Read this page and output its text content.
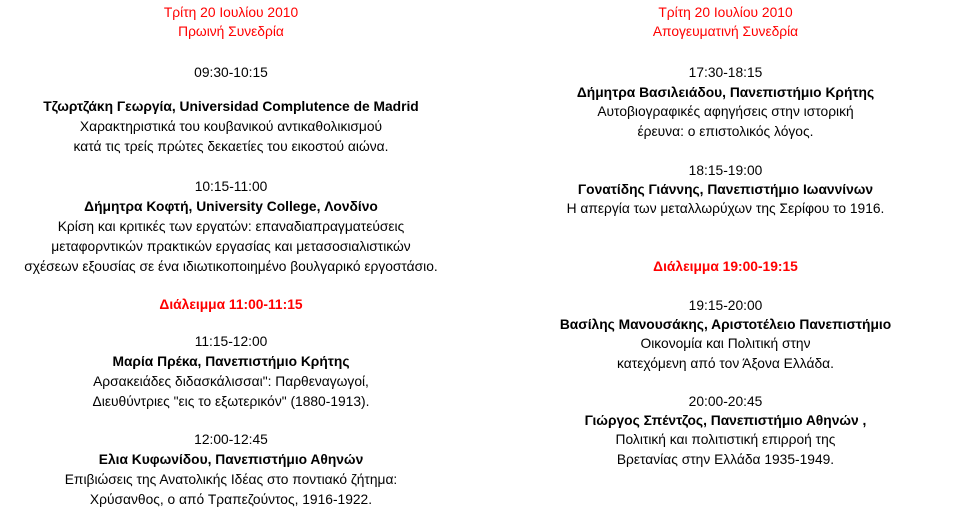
Τρίτη 20 Ιουλίου 2010
Πρωινή Συνεδρία
09:30-10:15
Τζωρτζάκη Γεωργία, Universidad Complutence de Madrid
Χαρακτηριστικά του κουβανικού αντικαθολικισμού
κατά τις τρείς πρώτες δεκαετίες του εικοστού αιώνα.
10:15-11:00
Δήμητρα Κοφτή, University College, Λονδίνο
Κρίση και κριτικές των εργατών: επαναδιαπραγματεύσεις
μεταφορντικών πρακτικών εργασίας και μετασοσιαλιστικών
σχέσεων εξουσίας σε ένα ιδιωτικοποιημένο βουλγαρικό εργοστάσιο.
Διάλειμμα 11:00-11:15
11:15-12:00
Μαρία Πρέκα, Πανεπιστήμιο Κρήτης
Αρσακειάδες διδασκάλισσαι": Παρθεναγωγοί,
Διευθύντριες "εις το εξωτερικόν" (1880-1913).
12:00-12:45
Ελια Κυφωνίδου, Πανεπιστήμιο Αθηνών
Επιβιώσεις της Ανατολικής Ιδέας στο ποντιακό ζήτημα:
Χρύσανθος, ο από Τραπεζούντος, 1916-1922.
Τρίτη 20 Ιουλίου 2010
Απογευματινή Συνεδρία
17:30-18:15
Δήμητρα Βασιλειάδου, Πανεπιστήμιο Κρήτης
Αυτοβιογραφικές αφηγήσεις στην ιστορική
έρευνα: ο επιστολικός λόγος.
18:15-19:00
Γονατίδης Γιάννης, Πανεπιστήμιο Ιωαννίνων
Η απεργία των μεταλλωρύχων της Σερίφου το 1916.
Διάλειμμα 19:00-19:15
19:15-20:00
Βασίλης Μανουσάκης, Αριστοτέλειο Πανεπιστήμιο
Οικονομία και Πολιτική στην
κατεχόμενη από τον Άξονα Ελλάδα.
20:00-20:45
Γιώργος Σπέντζος, Πανεπιστήμιο Αθηνών ,
Πολιτική και πολιτιστική επιρροή της
Βρετανίας στην Ελλάδα 1935-1949.
